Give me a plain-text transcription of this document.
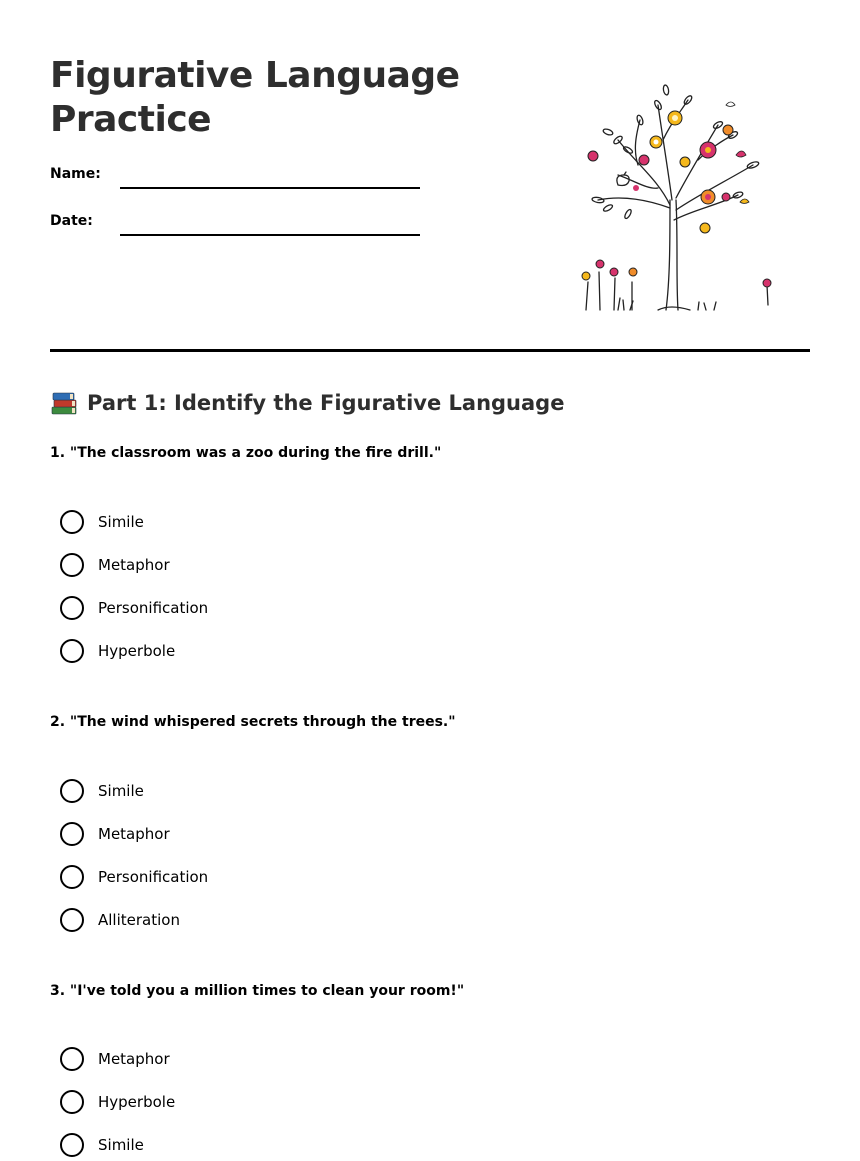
Figurative Language Practice
Name:
Date:
Part 1: Identify the Figurative Language
1. "The classroom was a zoo during the fire drill."
Simile
Metaphor
Personification
Hyperbole
2. "The wind whispered secrets through the trees."
Simile
Metaphor
Personification
Alliteration
3. "I've told you a million times to clean your room!"
Metaphor
Hyperbole
Simile
